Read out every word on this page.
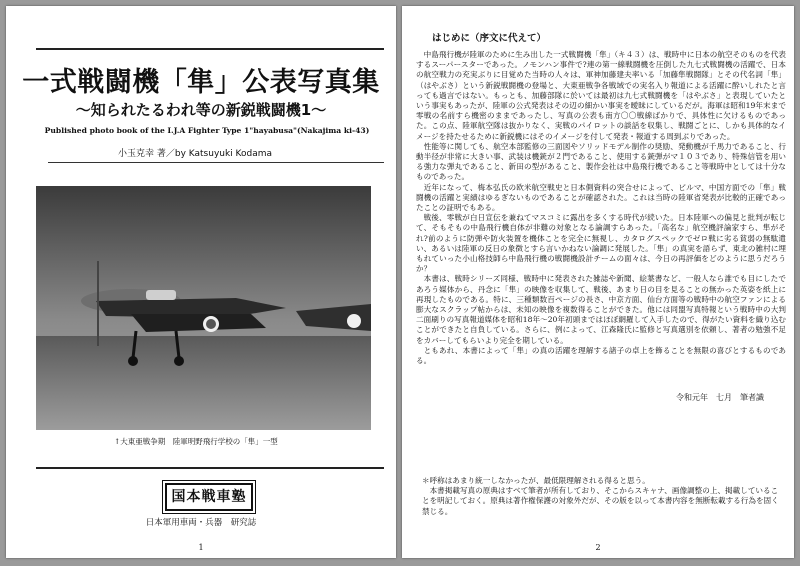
一式戦闘機「隼」公表写真集
〜知られたるわれ等の新鋭戦闘機1〜
Published photo book of the I.J.A Fighter Type 1"hayabusa"(Nakajima ki-43)
小玉克幸 著／by Katsuyuki Kodama
↑大東亜戦争期　陸軍明野飛行学校の「隼」一型
国本戦車塾
日本軍用車両・兵器　研究誌
1
はじめに（序文に代えて）

中島飛行機が陸軍のために生み出した一式戦闘機「隼」（キ４３）は、戦時中に日本の航空そのものを代表するスーパースターであった。ノモンハン事件で?連の第一線戦闘機を圧倒した九七式戦闘機の活躍で、日本の航空戦力の充実ぶりに目覚めた当時の人々は、軍神加藤建夫率いる「加藤隼戦闘隊」とその代名詞「隼」（はやぶさ）という新鋭戦闘機の登場と、大東亜戦争各戦域での実名入り報道による活躍に酔いしれたと言っても過言ではない。もっとも、加藤部隊に於いては最初は九七式戦闘機を「はやぶさ」と表現していたという事実もあったが、陸軍の公式発表はその辺の細かい事実を曖昧にしているだが。海軍は昭和19年末まで零戦の名前すら機密のままであったし、写真の公表も南方〇〇戦線ばかりで、具体性に欠けるものであった。この点、陸軍航空隊は抜かりなく、実戦のパイロットの談話を収集し、戦闘ごとに、しかも具体的なイメージを持たせるために新鋭機にはそのイメージを付して発表・報道する周到ぶりであった。

性能等に関しても、航空本部監修の三面図やソリッドモデル制作の奨励、発動機が千馬力であること、行動半径が非常に大きい事、武装は機銃が２門であること、使用する銃弾がマ１０３であり、特殊信管を用いる強力な弾丸であること、新田の型があること、製作会社は中島飛行機であること等戦時中としては十分なものであった。

近年になって、梅本弘氏の欧米航空戦史と日本側資料の突合せによって、ビルマ、中国方面での「隼」戦闘機の活躍と実績はゆるぎないものであることが確認された。これは当時の陸軍省発表が比較的正確であったことの証明でもある。

戦後、零戦が白日宣伝を兼ねてマスコミに露出を多くする時代が続いた。日本陸軍への偏見と批判が転じて、そもそもの中島飛行機自体が非難の対象となる論調すらあった。「高名な」航空機評論家すら、隼がそれ?前のように防弾や防火装置を機体ことを完全に無視し、カタログスペックでゼロ戦に劣る貧弱の無駄遣い、あるいは陸軍の反日の象徴とすら言いかねない論調に発展した。「隼」の真実を語らず、東北の雑村に埋もれていった小山格技師ら中島飛行機の戦闘機設計チームの面々は、今日の再評価をどのように思うだろうか？

本書は、戦時シリーズ同様、戦時中に発表された雑誌や新聞、絵葉書など、一般人なら誰でも目にしたであろう媒体から、丹念に「隼」の映像を収集して、戦後、あまり日の目を見ることの無かった英姿を紙上に再現したものである。特に、三種類数百ページの長さ、中京方面、仙台方面等の戦時中の航空ファンによる膨大なスクラップ帖からは、未知の映像を複数得ることができた。他には同盟写真特報という戦時中の大判二面刷りの写真報道媒体を昭和18年〜20年初頭まではほぼ網羅して入手したので、得がたい資料を織り込むことができたと自負している。さらに、例によって、江森隆氏に監修と写真選別を依頼し、著者の勉強不足をカバーしてもらいより完全を期している。

ともあれ、本書によって「隼」の真の活躍を理解する諸子の卓上を飾ることを無限の喜びとするものである。

令和元年　七月　筆者識

＊呼称はあまり統一しなかったが、最低限理解される得ると思う。

本書掲載写真の原典はすべて筆者が所有しており、そこからスキャナ、画像調整の上、掲載していることを明記しておく。原典は著作権保護の対象外だが、その版を以って本書内容を無断転載する行為を固く禁じる。

2
